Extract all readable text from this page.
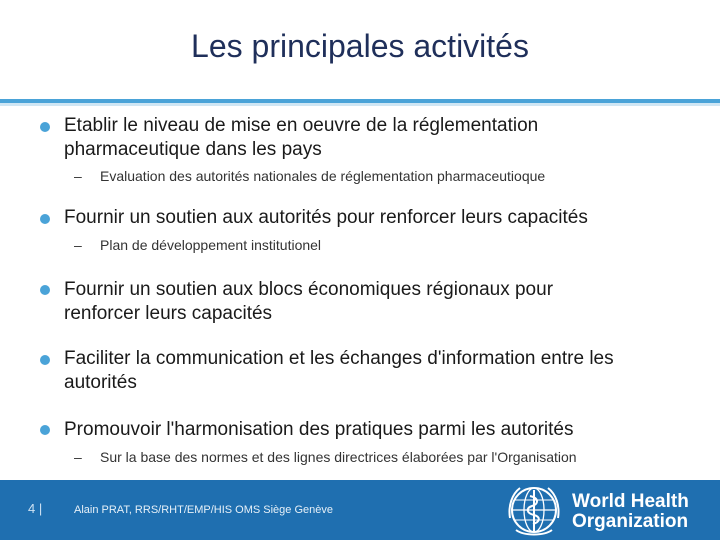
Les principales activités
Etablir le niveau de mise en oeuvre de la réglementation
pharmaceutique dans les pays
–	Evaluation des autorités nationales de réglementation pharmaceutioque
Fournir un soutien aux autorités pour renforcer leurs capacités
–	Plan de développement institutionel
Fournir un soutien aux blocs économiques régionaux pour
renforcer leurs capacités
Faciliter la communication et les échanges d'information entre les
autorités
Promouvoir l'harmonisation des pratiques parmi les autorités
–	Sur la base des normes et des lignes directrices élaborées par l'Organisation
4 |	Alain PRAT, RRS/RHT/EMP/HIS OMS Siège Genève	World Health
Organization
